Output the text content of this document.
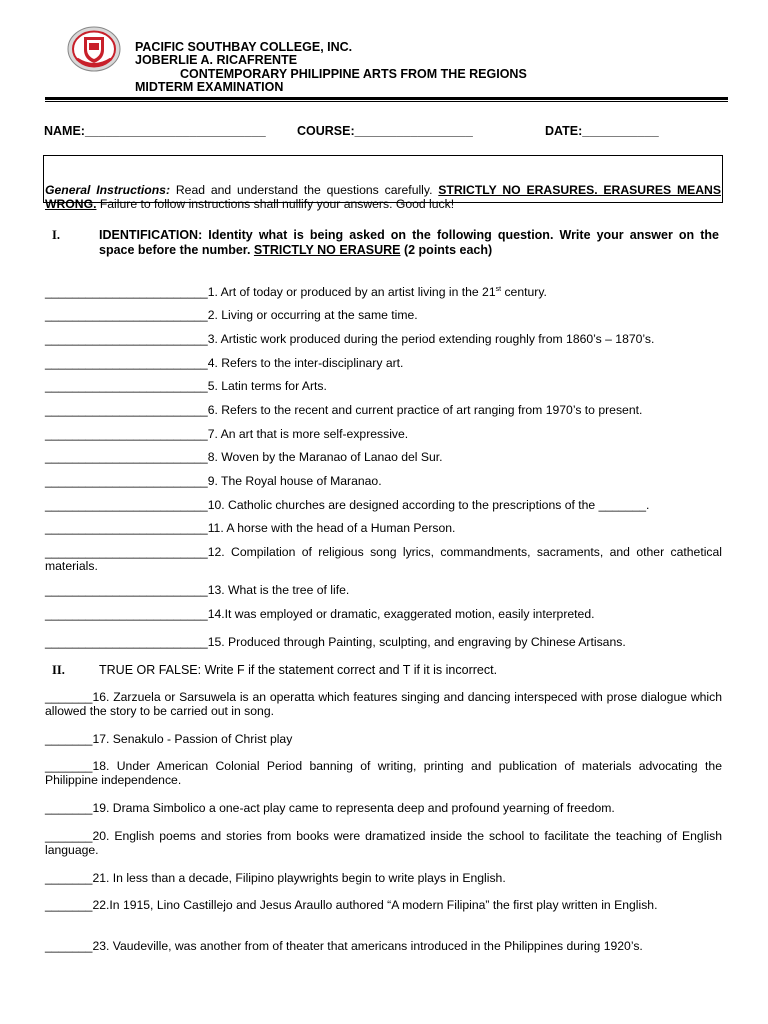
PACIFIC SOUTHBAY COLLEGE, INC.
JOBERLIE A. RICAFRENTE
CONTEMPORARY PHILIPPINE ARTS FROM THE REGIONS
MIDTERM EXAMINATION
NAME:__________________________	COURSE:_________________	DATE:___________
General Instructions: Read and understand the questions carefully. STRICTLY NO ERASURES. ERASURES MEANS WRONG. Failure to follow instructions shall nullify your answers. Good luck!
I.	IDENTIFICATION: Identity what is being asked on the following question. Write your answer on the space before the number. STRICTLY NO ERASURE (2 points each)
________________________1. Art of today or produced by an artist living in the 21st century.
________________________2. Living or occurring at the same time.
________________________3. Artistic work produced during the period extending roughly from 1860’s – 1870’s.
________________________4. Refers to the inter-disciplinary art.
________________________5. Latin terms for Arts.
________________________6. Refers to the recent and current practice of art ranging from 1970’s to present.
________________________7. An art that is more self-expressive.
________________________8. Woven by the Maranao of Lanao del Sur.
________________________9. The Royal house of Maranao.
________________________10. Catholic churches are designed according to the prescriptions of the _______.
________________________11. A horse with the head of a Human Person.
________________________12. Compilation of religious song lyrics, commandments, sacraments, and other cathetical materials.
________________________13. What is the tree of life.
________________________14.It was employed or dramatic, exaggerated motion, easily interpreted.
________________________15. Produced through Painting, sculpting, and engraving by Chinese Artisans.
II.	TRUE OR FALSE: Write F if the statement correct and T if it is incorrect.
_______16. Zarzuela or Sarsuwela is an operatta which features singing and dancing interspeced with prose dialogue which allowed the story to be carried out in song.
_______17. Senakulo - Passion of Christ play
_______18. Under American Colonial Period banning of writing, printing and publication of materials advocating the Philippine independence.
_______19. Drama Simbolico a one-act play came to representa deep and profound yearning of freedom.
_______20. English poems and stories from books were dramatized inside the school to facilitate the teaching of English language.
_______21. In less than a decade, Filipino playwrights begin to write plays in English.
_______22.In 1915, Lino Castillejo and Jesus Araullo authored “A modern Filipina” the first play written in English.
_______23. Vaudeville, was another from of theater that americans introduced in the Philippines during 1920’s.
